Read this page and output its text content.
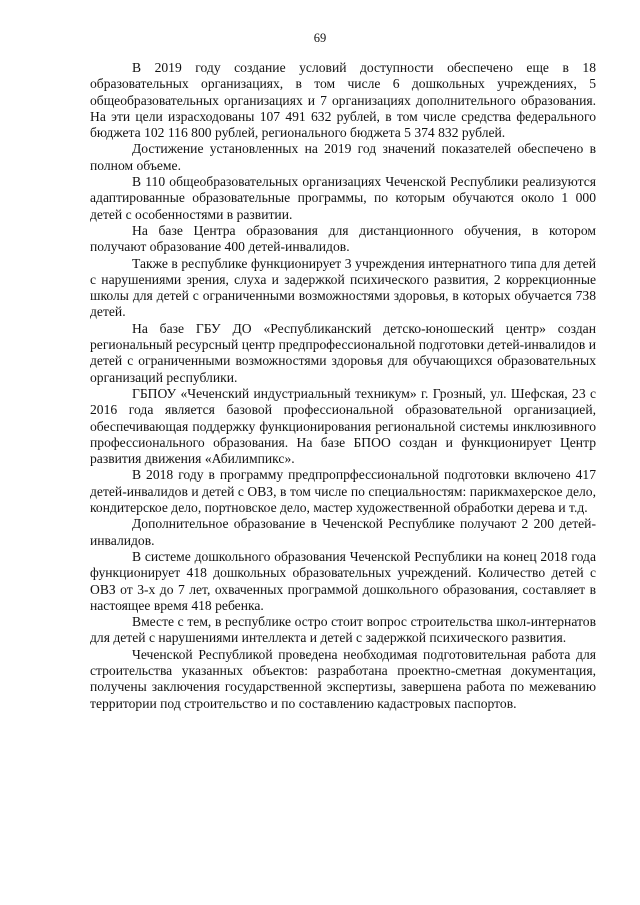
69

В 2019 году создание условий доступности обеспечено еще в 18 образовательных организациях, в том числе 6 дошкольных учреждениях, 5 общеобразовательных организациях и 7 организациях дополнительного образования. На эти цели израсходованы 107 491 632 рублей, в том числе средства федерального бюджета 102 116 800 рублей, регионального бюджета 5 374 832 рублей.

Достижение установленных на 2019 год значений показателей обеспечено в полном объеме.

В 110 общеобразовательных организациях Чеченской Республики реализуются адаптированные образовательные программы, по которым обучаются около 1 000 детей с особенностями в развитии.

На базе Центра образования для дистанционного обучения, в котором получают образование 400 детей-инвалидов.

Также в республике функционирует 3 учреждения интернатного типа для детей с нарушениями зрения, слуха и задержкой психического развития, 2 коррекционные школы для детей с ограниченными возможностями здоровья, в которых обучается 738 детей.

На базе ГБУ ДО «Республиканский детско-юношеский центр» создан региональный ресурсный центр предпрофессиональной подготовки детей-инвалидов и детей с ограниченными возможностями здоровья для обучающихся образовательных организаций республики.

ГБПОУ «Чеченский индустриальный техникум» г. Грозный, ул. Шефская, 23 с 2016 года является базовой профессиональной образовательной организацией, обеспечивающая поддержку функционирования региональной системы инклюзивного профессионального образования. На базе БПОО создан и функционирует Центр развития движения «Абилимпикс».

В 2018 году в программу предпропрфессиональной подготовки включено 417 детей-инвалидов и детей с ОВЗ, в том числе по специальностям: парикмахерское дело, кондитерское дело, портновское дело, мастер художественной обработки дерева и т.д.

Дополнительное образование в Чеченской Республике получают 2 200 детей-инвалидов.

В системе дошкольного образования Чеченской Республики на конец 2018 года функционирует 418 дошкольных образовательных учреждений. Количество детей с ОВЗ от 3-х до 7 лет, охваченных программой дошкольного образования, составляет в настоящее время 418 ребенка.

Вместе с тем, в республике остро стоит вопрос строительства школ-интернатов для детей с нарушениями интеллекта и детей с задержкой психического развития.

Чеченской Республикой проведена необходимая подготовительная работа для строительства указанных объектов: разработана проектно-сметная документация, получены заключения государственной экспертизы, завершена работа по межеванию территории под строительство и по составлению кадастровых паспортов.
